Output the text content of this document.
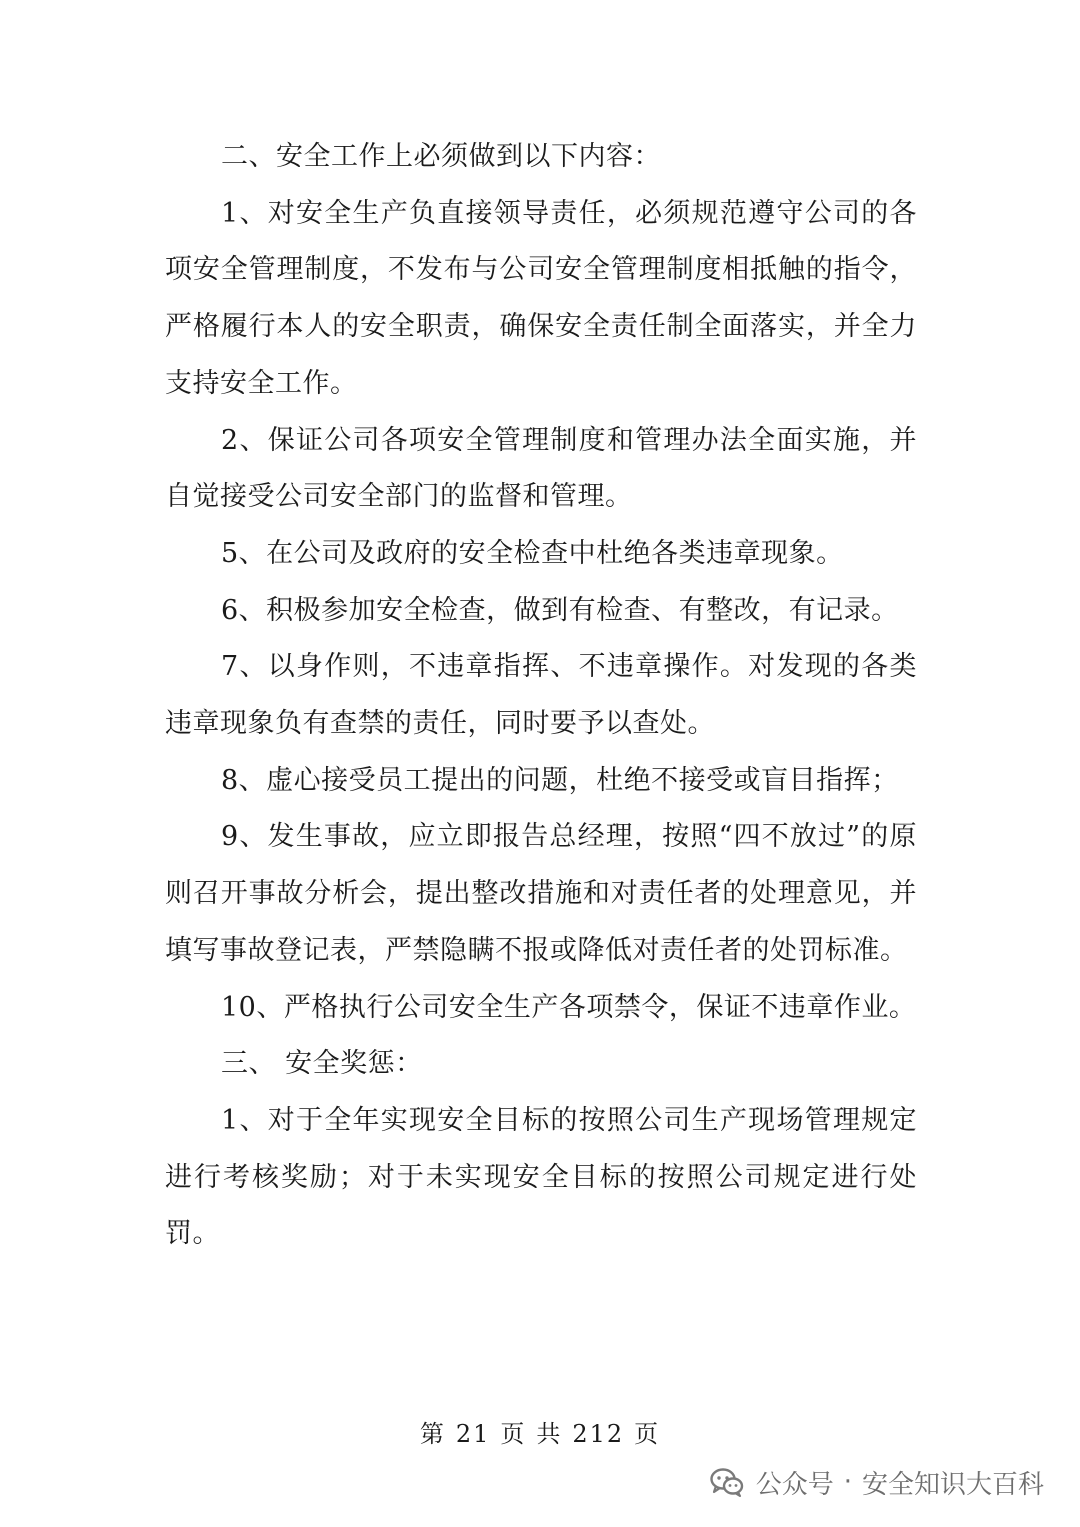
二、安全工作上必须做到以下内容：

1、对安全生产负直接领导责任，必须规范遵守公司的各项安全管理制度，不发布与公司安全管理制度相抵触的指令，严格履行本人的安全职责，确保安全责任制全面落实，并全力支持安全工作。

2、保证公司各项安全管理制度和管理办法全面实施，并自觉接受公司安全部门的监督和管理。

5、在公司及政府的安全检查中杜绝各类违章现象。

6、积极参加安全检查，做到有检查、有整改，有记录。

7、以身作则，不违章指挥、不违章操作。对发现的各类违章现象负有查禁的责任，同时要予以查处。

8、虚心接受员工提出的问题，杜绝不接受或盲目指挥；

9、发生事故，应立即报告总经理，按照“四不放过”的原则召开事故分析会，提出整改措施和对责任者的处理意见，并填写事故登记表，严禁隐瞒不报或降低对责任者的处罚标准。

10、严格执行公司安全生产各项禁令，保证不违章作业。

三、 安全奖惩：

1、对于全年实现安全目标的按照公司生产现场管理规定进行考核奖励；对于未实现安全目标的按照公司规定进行处罚。

第 21 页 共 212 页
公众号 · 安全知识大百科
